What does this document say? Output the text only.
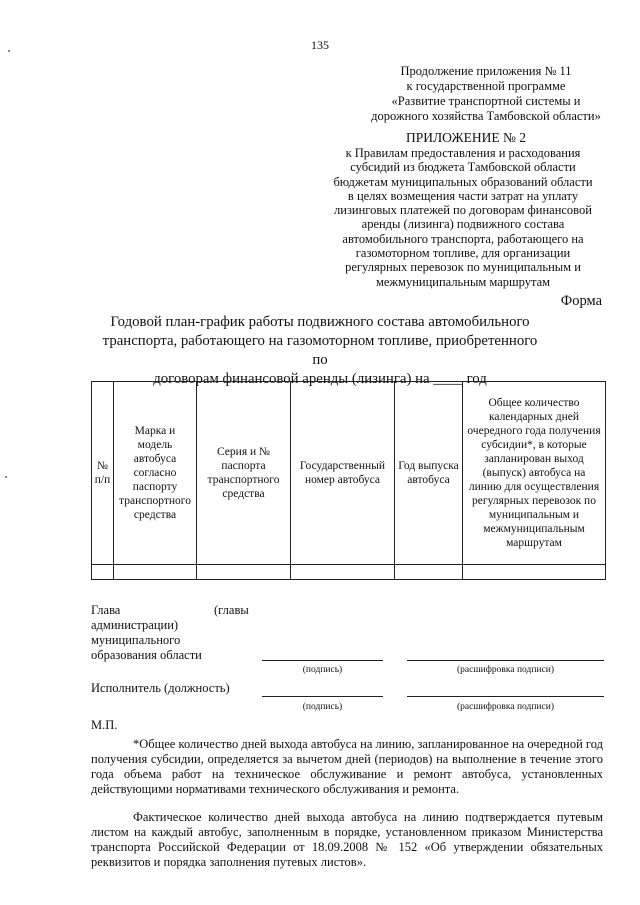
135
Продолжение приложения № 11
к государственной программе
«Развитие транспортной системы и
дорожного хозяйства Тамбовской области»
ПРИЛОЖЕНИЕ № 2
к Правилам предоставления и расходования
субсидий из бюджета Тамбовской области
бюджетам муниципальных образований области
в целях возмещения части затрат на уплату
лизинговых платежей по договорам финансовой
аренды (лизинга) подвижного состава
автомобильного транспорта, работающего на
газомоторном топливе, для организации
регулярных перевозок по муниципальным и
межмуниципальным маршрутам
Форма
Годовой план-график работы подвижного состава автомобильного
транспорта, работающего на газомоторном топливе, приобретенного по
договорам финансовой аренды (лизинга) на ____ год
№ п/п	Марка и модель автобуса согласно паспорту транспортного средства	Серия и № паспорта транспортного средства	Государственный номер автобуса	Год выпуска автобуса	Общее количество календарных дней очередного года получения субсидии*, в которые запланирован выход (выпуск) автобуса на линию для осуществления регулярных перевозок по муниципальным и межмуниципальным маршрутам

Глава	(главы
администрации)
муниципального
образования области
(подпись)	(расшифровка подписи)
Исполнитель (должность)
(подпись)	(расшифровка подписи)
М.П.
*Общее количество дней выхода автобуса на линию, запланированное на очередной год получения субсидии, определяется за вычетом дней (периодов) на выполнение в течение этого года объема работ на техническое обслуживание и ремонт автобуса, установленных действующими нормативами технического обслуживания и ремонта.
Фактическое количество дней выхода автобуса на линию подтверждается путевым листом на каждый автобус, заполненным в порядке, установленном приказом Министерства транспорта Российской Федерации от 18.09.2008 № 152 «Об утверждении обязательных реквизитов и порядка заполнения путевых листов».
